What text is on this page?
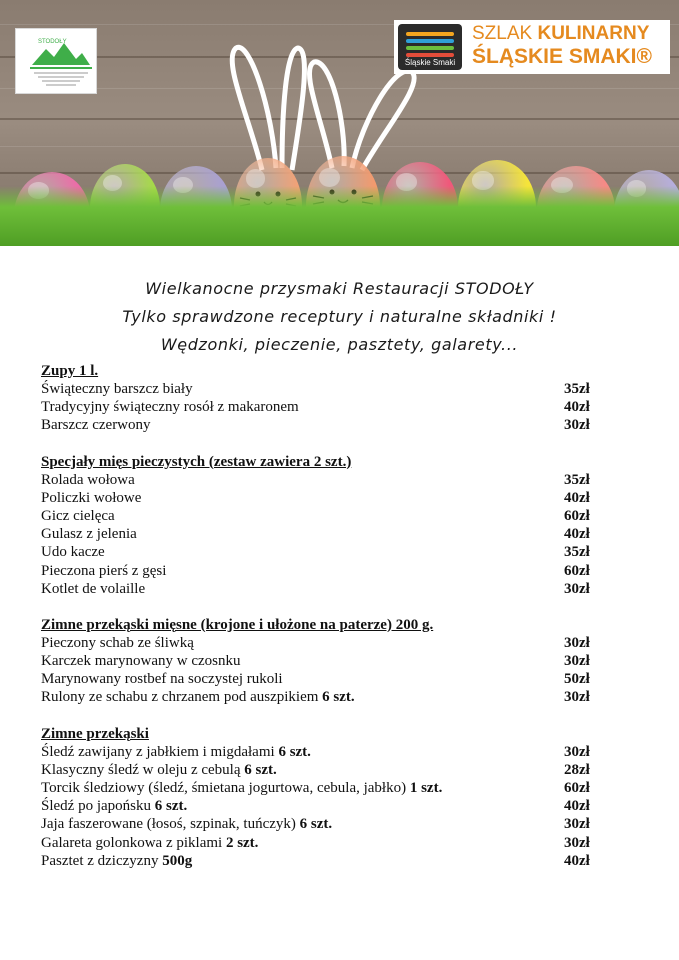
STODOŁY
Śląskie Smaki
SZLAK KULINARNY
ŚLĄSKIE SMAKI®
Wielkanocne przysmaki Restauracji STODOŁY
Tylko sprawdzone receptury i naturalne składniki !
Wędzonki, pieczenie, pasztety, galarety...
Zupy 1 l.
Świąteczny barszcz biały	35zł
Tradycyjny świąteczny rosół z makaronem	40zł
Barszcz czerwony	30zł
Specjały mięs pieczystych (zestaw zawiera 2 szt.)
Rolada wołowa	35zł
Policzki wołowe	40zł
Gicz cielęca	60zł
Gulasz z jelenia	40zł
Udo kacze	35zł
Pieczona pierś z gęsi	60zł
Kotlet de volaille	30zł
Zimne przekąski mięsne (krojone i ułożone na paterze) 200 g.
Pieczony schab ze śliwką	30zł
Karczek marynowany w czosnku	30zł
Marynowany rostbef na soczystej rukoli	50zł
Rulony ze schabu z chrzanem pod auszpikiem 6 szt.	30zł
Zimne przekąski
Śledź zawijany z jabłkiem i migdałami 6 szt.	30zł
Klasyczny śledź w oleju z cebulą 6 szt.	28zł
Torcik śledziowy (śledź, śmietana jogurtowa, cebula, jabłko) 1 szt.	60zł
Śledź po japońsku 6 szt.	40zł
Jaja faszerowane (łosoś, szpinak, tuńczyk) 6 szt.	30zł
Galareta golonkowa z piklami 2 szt.	30zł
Pasztet z dziczyzny 500g	40zł
